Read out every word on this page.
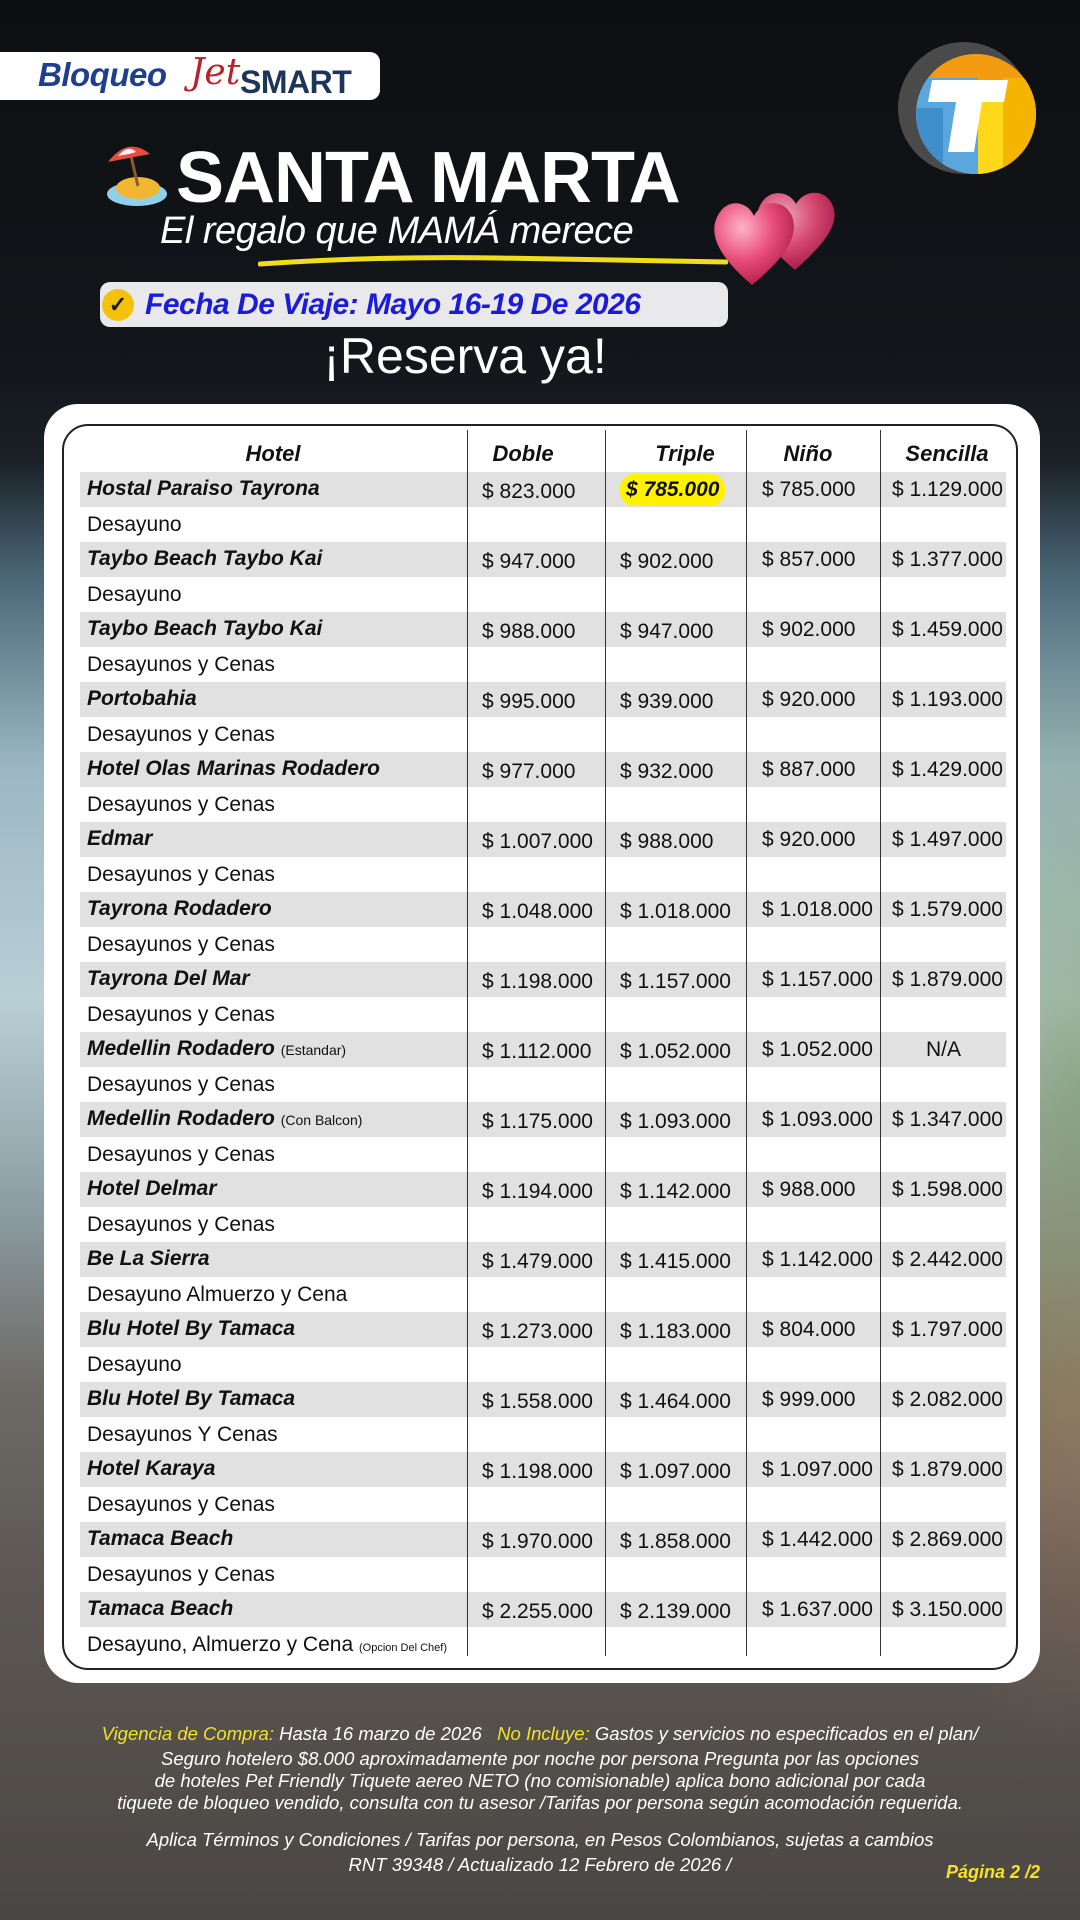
Bloqueo Jet SMART
SANTA MARTA
El regalo que MAMÁ merece
✓ Fecha De Viaje: Mayo 16-19 De 2026
¡Reserva ya!
Hotel	Doble	Triple	Niño	Sencilla
Hostal Paraiso Tayrona	$ 823.000 $ 785.000 $ 785.000 $ 1.129.000
Desayuno
Taybo Beach Taybo Kai	$ 947.000 $ 902.000 $ 857.000 $ 1.377.000
Desayuno
Taybo Beach Taybo Kai	$ 988.000 $ 947.000 $ 902.000 $ 1.459.000
Desayunos y Cenas
Portobahia	$ 995.000 $ 939.000 $ 920.000 $ 1.193.000
Desayunos y Cenas
Hotel Olas Marinas Rodadero	$ 977.000 $ 932.000 $ 887.000 $ 1.429.000
Desayunos y Cenas
Edmar	$ 1.007.000 $ 988.000 $ 920.000 $ 1.497.000
Desayunos y Cenas
Tayrona Rodadero	$ 1.048.000 $ 1.018.000 $ 1.018.000 $ 1.579.000
Desayunos y Cenas
Tayrona Del Mar	$ 1.198.000 $ 1.157.000 $ 1.157.000 $ 1.879.000
Desayunos y Cenas
Medellin Rodadero (Estandar)	$ 1.112.000 $ 1.052.000 $ 1.052.000	N/A
Desayunos y Cenas
Medellin Rodadero (Con Balcon)	$ 1.175.000 $ 1.093.000 $ 1.093.000 $ 1.347.000
Desayunos y Cenas
Hotel Delmar	$ 1.194.000 $ 1.142.000 $ 988.000 $ 1.598.000
Desayunos y Cenas
Be La Sierra	$ 1.479.000 $ 1.415.000 $ 1.142.000 $ 2.442.000
Desayuno Almuerzo y Cena
Blu Hotel By Tamaca	$ 1.273.000 $ 1.183.000 $ 804.000 $ 1.797.000
Desayuno
Blu Hotel By Tamaca	$ 1.558.000 $ 1.464.000 $ 999.000 $ 2.082.000
Desayunos Y Cenas
Hotel Karaya	$ 1.198.000 $ 1.097.000 $ 1.097.000 $ 1.879.000
Desayunos y Cenas
Tamaca Beach	$ 1.970.000 $ 1.858.000 $ 1.442.000 $ 2.869.000
Desayunos y Cenas
Tamaca Beach	$ 2.255.000 $ 2.139.000 $ 1.637.000 $ 3.150.000
Desayuno, Almuerzo y Cena (Opcion Del Chef)
Vigencia de Compra: Hasta 16 marzo de 2026 No Incluye: Gastos y servicios no especificados en el plan/
Seguro hotelero $8.000 aproximadamente por noche por persona Pregunta por las opciones
de hoteles Pet Friendly Tiquete aereo NETO (no comisionable) aplica bono adicional por cada
tiquete de bloqueo vendido, consulta con tu asesor /Tarifas por persona según acomodación requerida.
Aplica Términos y Condiciones / Tarifas por persona, en Pesos Colombianos, sujetas a cambios
RNT 39348 / Actualizado 12 Febrero de 2026 /	Página 2 /2
